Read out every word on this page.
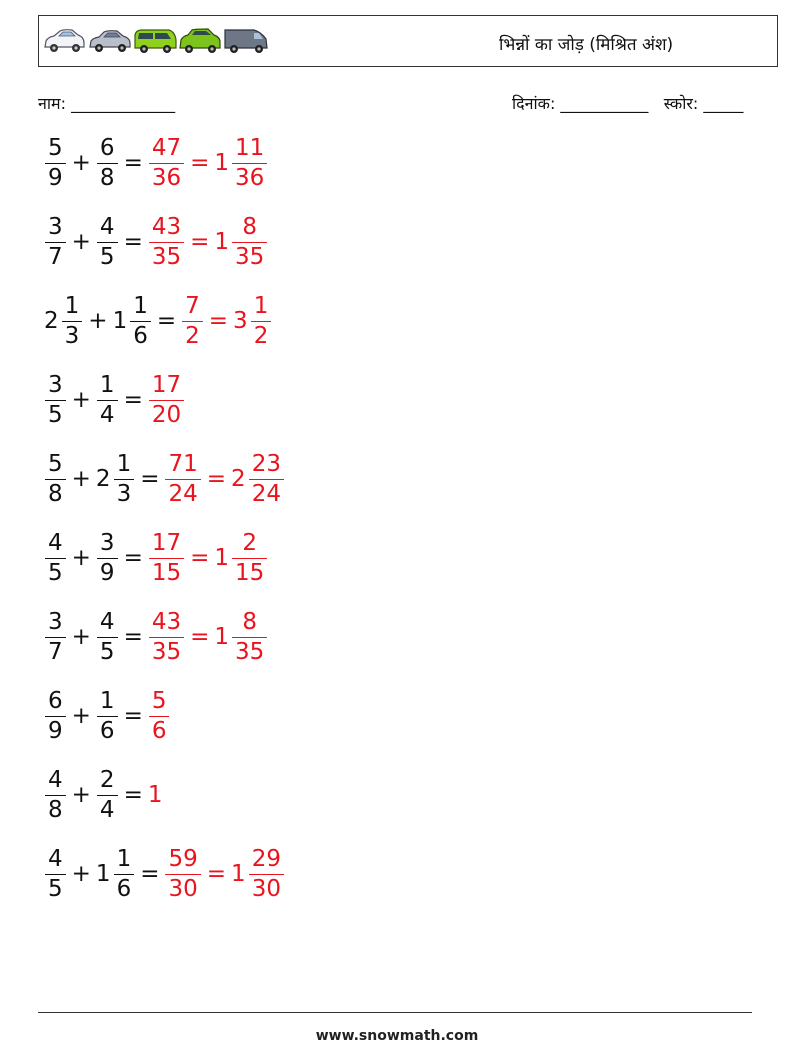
भिन्नों का जोड़ (मिश्रित अंश)
नाम: _____________	दिनांक: ___________ स्कोर: _____
$\frac{5}{9} + \frac{6}{8} = \frac{47}{36} = 1 \frac{11}{36}$
$\frac{3}{7} + \frac{4}{5} = \frac{43}{35} = 1 \frac{8}{35}$
$2 \frac{1}{3} + 1 \frac{1}{6} = \frac{7}{2} = 3 \frac{1}{2}$
$\frac{3}{5} + \frac{1}{4} = \frac{17}{20}$
$\frac{5}{8} + 2 \frac{1}{3} = \frac{71}{24} = 2 \frac{23}{24}$
$\frac{4}{5} + \frac{3}{9} = \frac{17}{15} = 1 \frac{2}{15}$
$\frac{3}{7} + \frac{4}{5} = \frac{43}{35} = 1 \frac{8}{35}$
$\frac{6}{9} + \frac{1}{6} = \frac{5}{6}$
$\frac{4}{8} + \frac{2}{4} = 1$
$\frac{4}{5} + 1 \frac{1}{6} = \frac{59}{30} = 1 \frac{29}{30}$
www.snowmath.com
